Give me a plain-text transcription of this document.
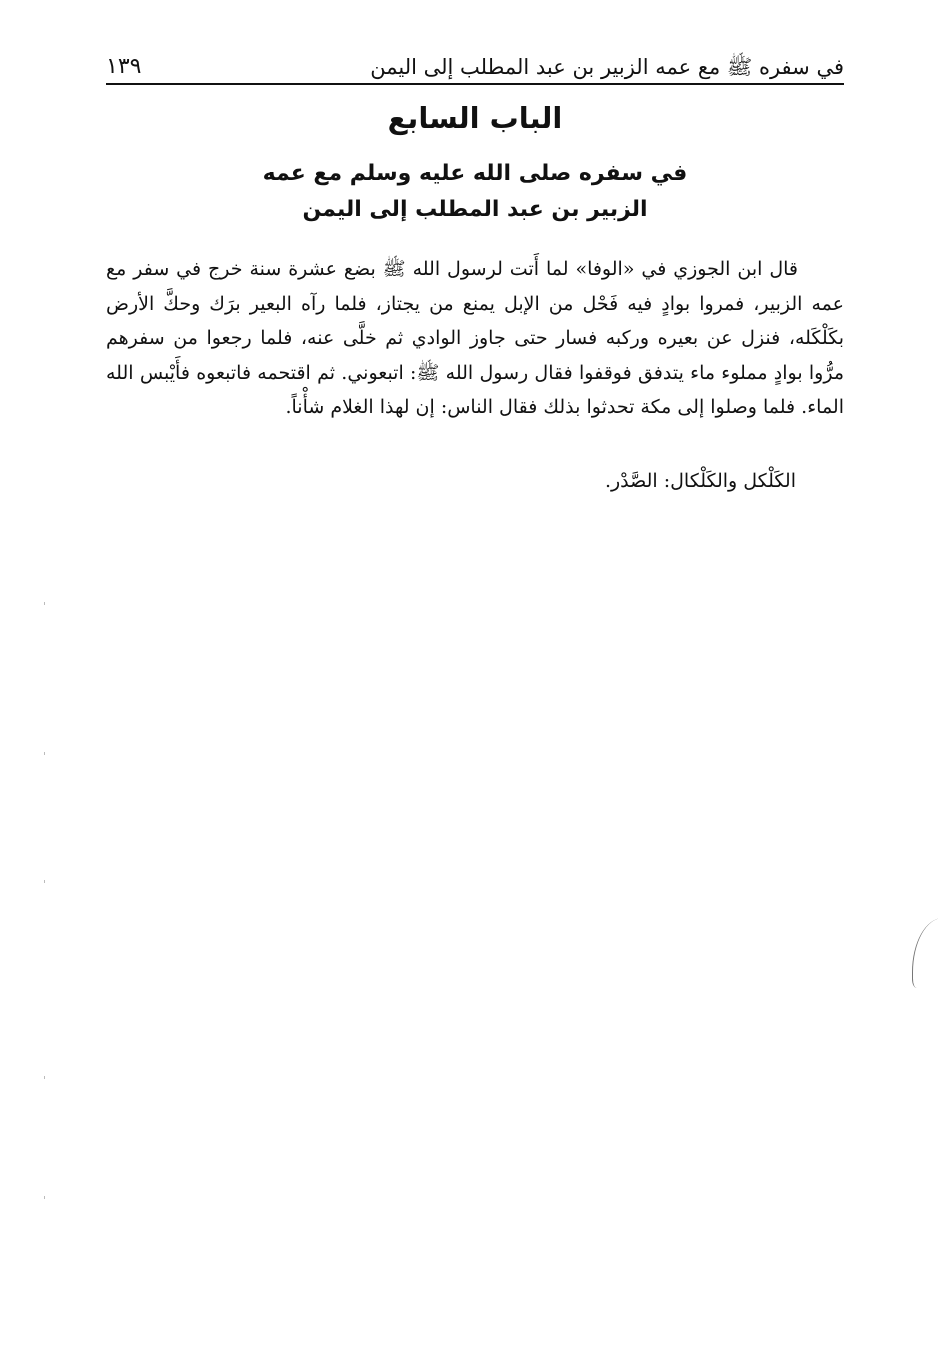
في سفره ﷺ مع عمه الزبير بن عبد المطلب إلى اليمن
١٣٩
الباب السابع
في سفره صلى الله عليه وسلم مع عمه
الزبير بن عبد المطلب إلى اليمن

قال ابن الجوزي في «الوفا» لما أَتت لرسول الله ﷺ بضع عشرة سنة خرج في سفر مع عمه الزبير، فمروا بوادٍ فيه فَحْل من الإبل يمنع من يجتاز، فلما رآه البعير برَك وحكَّ الأرض بكَلْكَله، فنزل عن بعيره وركبه فسار حتى جاوز الوادي ثم خلَّى عنه، فلما رجعوا من سفرهم مرُّوا بوادٍ مملوء ماء يتدفق فوقفوا فقال رسول الله ﷺ: اتبعوني. ثم اقتحمه فاتبعوه فأَيْبس الله الماء. فلما وصلوا إلى مكة تحدثوا بذلك فقال الناس: إن لهذا الغلام شأْناً.

الكَلْكل والكَلْكال: الصَّدْر.
